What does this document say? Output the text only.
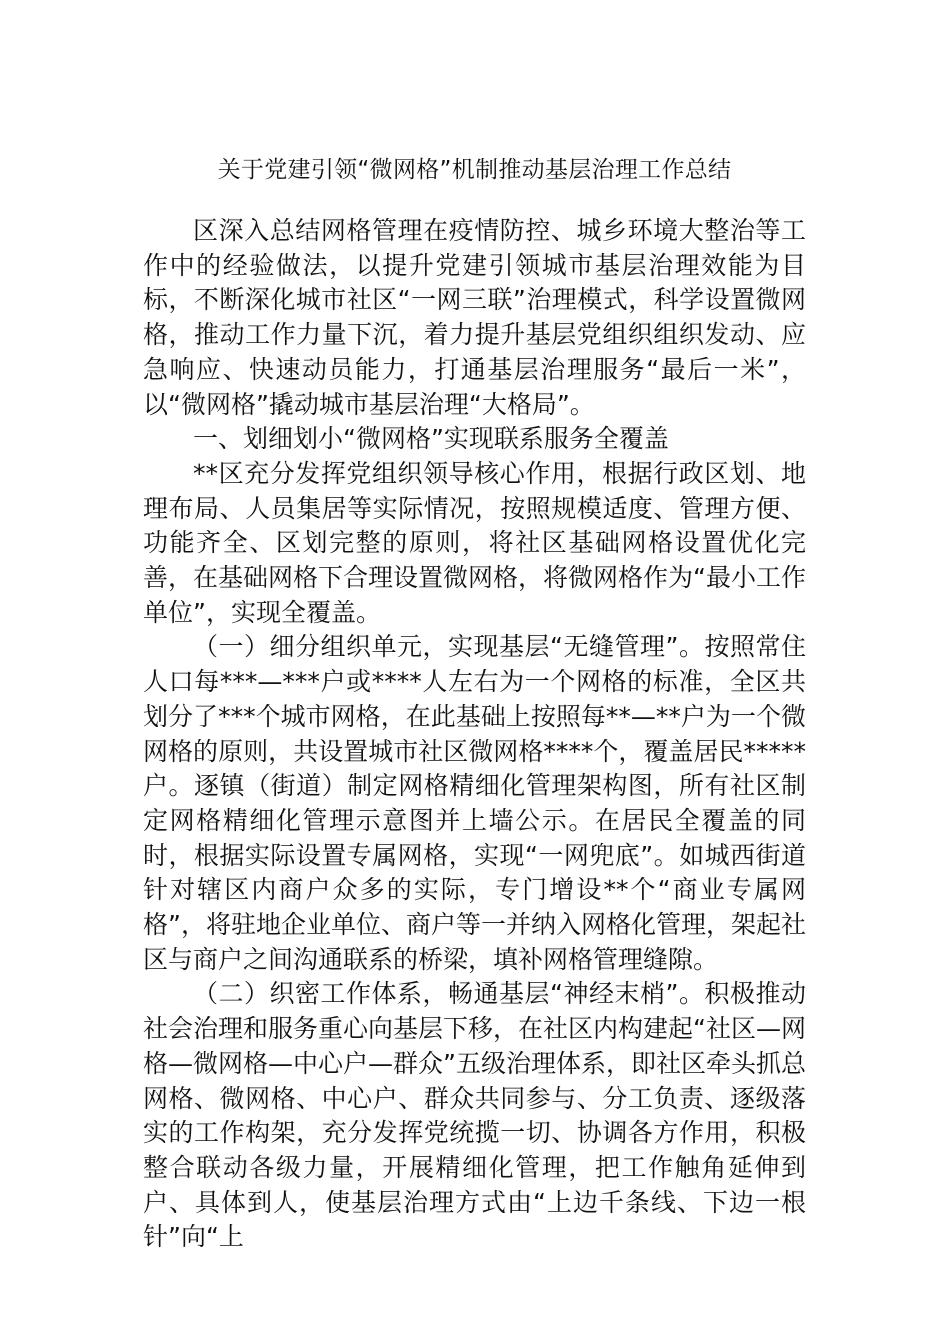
关于党建引领“微网格”机制推动基层治理工作总结

区深入总结网格管理在疫情防控、城乡环境大整治等工作中的经验做法，以提升党建引领城市基层治理效能为目标，不断深化城市社区“一网三联”治理模式，科学设置微网格，推动工作力量下沉，着力提升基层党组织组织发动、应急响应、快速动员能力，打通基层治理服务“最后一米”，以“微网格”撬动城市基层治理“大格局”。

一、划细划小“微网格”实现联系服务全覆盖

**区充分发挥党组织领导核心作用，根据行政区划、地理布局、人员集居等实际情况，按照规模适度、管理方便、功能齐全、区划完整的原则，将社区基础网格设置优化完善，在基础网格下合理设置微网格，将微网格作为“最小工作单位”，实现全覆盖。

（一）细分组织单元，实现基层“无缝管理”。按照常住人口每***—***户或****人左右为一个网格的标准，全区共划分了***个城市网格，在此基础上按照每**—**户为一个微网格的原则，共设置城市社区微网格****个，覆盖居民*****户。逐镇（街道）制定网格精细化管理架构图，所有社区制定网格精细化管理示意图并上墙公示。在居民全覆盖的同时，根据实际设置专属网格，实现“一网兜底”。如城西街道针对辖区内商户众多的实际，专门增设**个“商业专属网格”，将驻地企业单位、商户等一并纳入网格化管理，架起社区与商户之间沟通联系的桥梁，填补网格管理缝隙。

（二）织密工作体系，畅通基层“神经末梢”。积极推动社会治理和服务重心向基层下移，在社区内构建起“社区—网格—微网格—中心户—群众”五级治理体系，即社区牵头抓总网格、微网格、中心户、群众共同参与、分工负责、逐级落实的工作构架，充分发挥党统揽一切、协调各方作用，积极整合联动各级力量，开展精细化管理，把工作触角延伸到户、具体到人，使基层治理方式由“上边千条线、下边一根针”向“上
